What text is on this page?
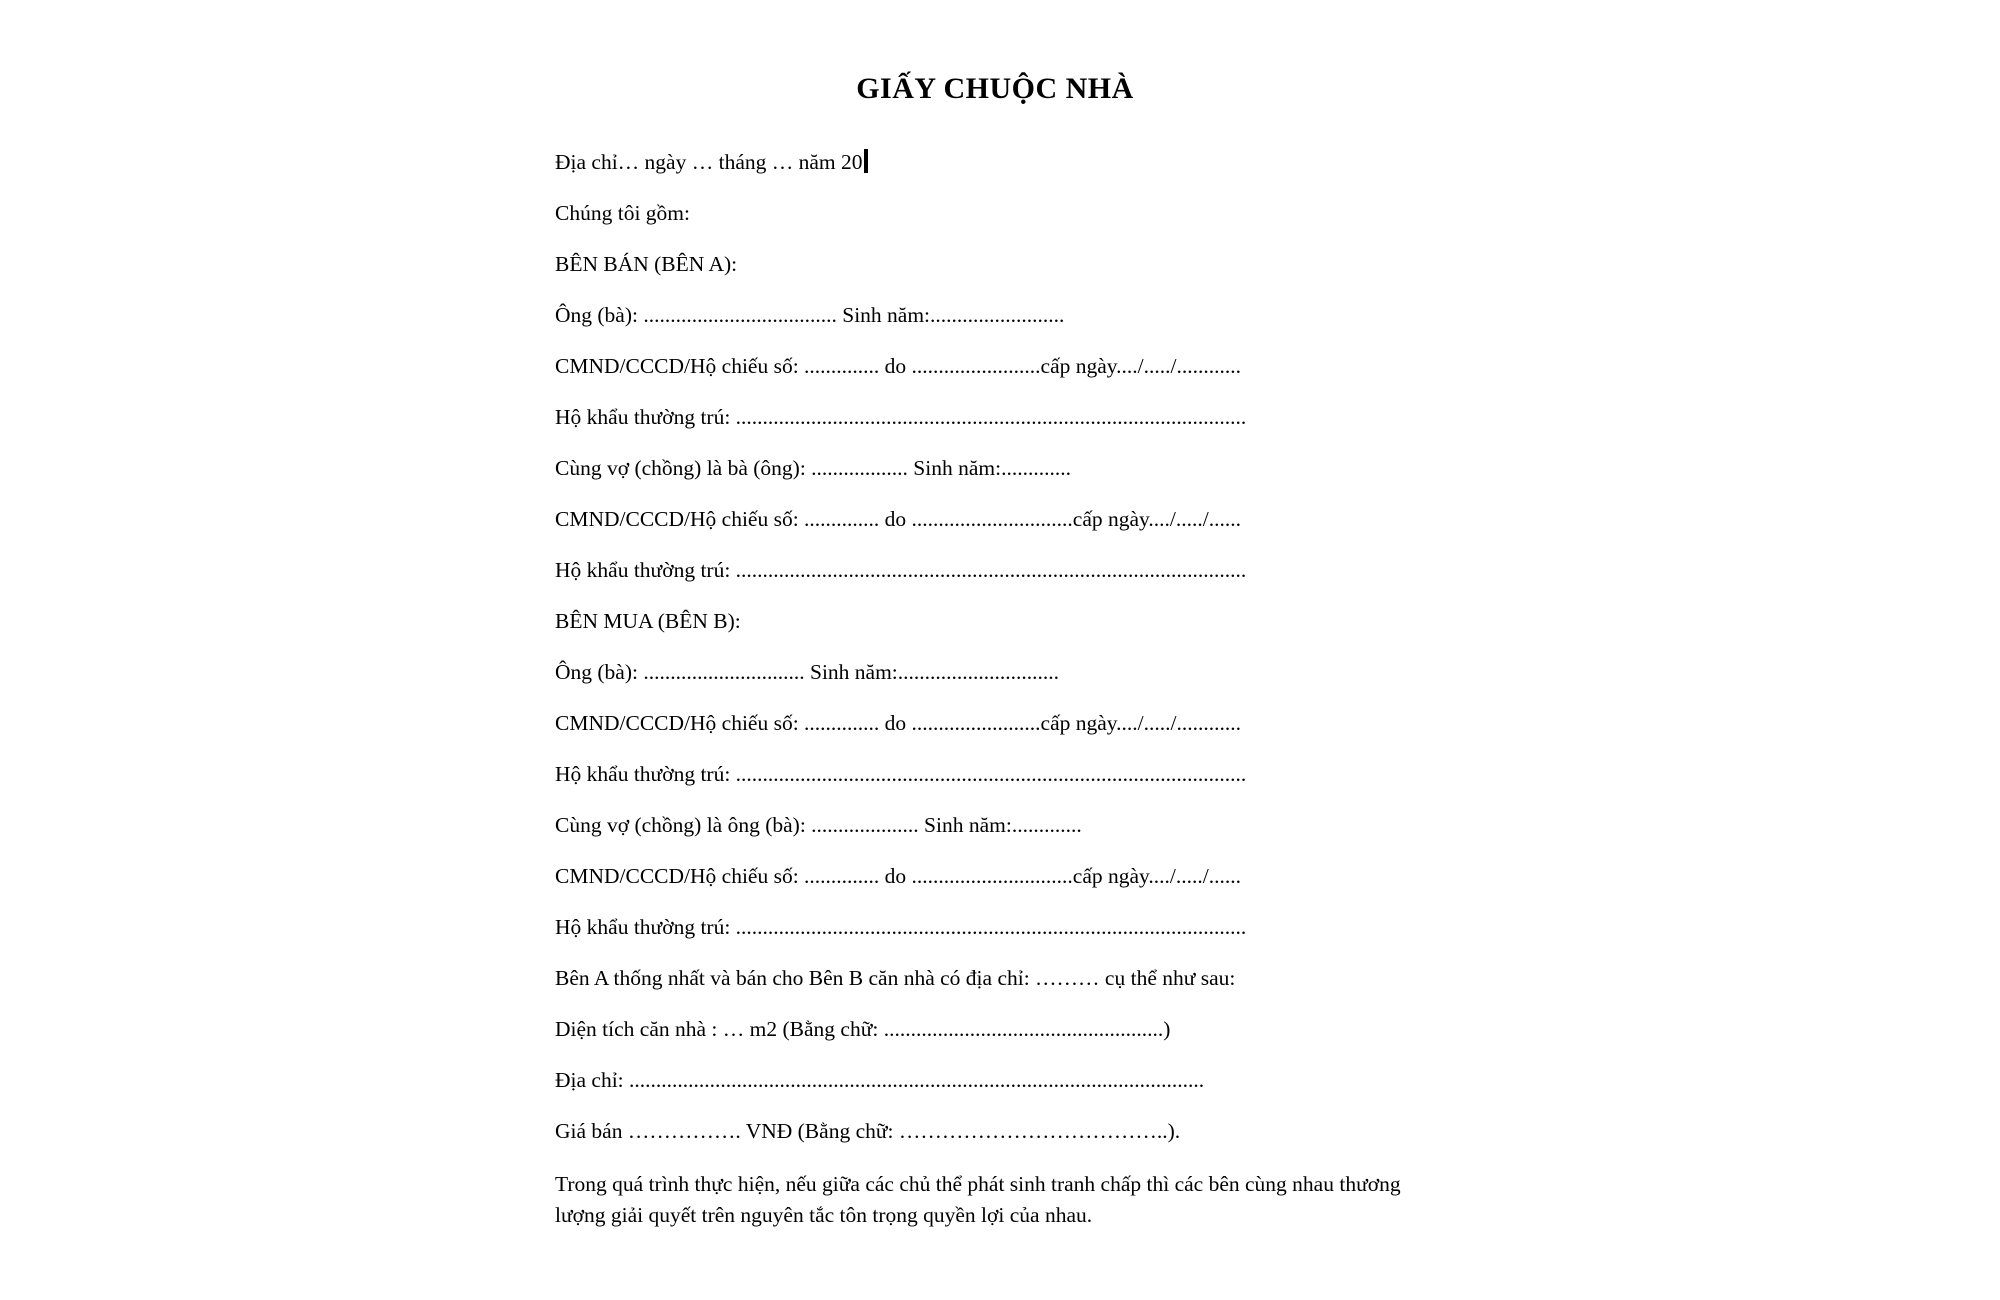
GIẤY CHUỘC NHÀ

Địa chỉ… ngày … tháng … năm 20

Chúng tôi gồm:

BÊN BÁN (BÊN A):

Ông (bà): .................................... Sinh năm:.........................

CMND/CCCD/Hộ chiếu số: .............. do ........................cấp ngày..../...../............

Hộ khẩu thường trú: ...............................................................................................

Cùng vợ (chồng) là bà (ông): .................. Sinh năm:.............

CMND/CCCD/Hộ chiếu số: .............. do ..............................cấp ngày..../...../......

Hộ khẩu thường trú: ...............................................................................................

BÊN MUA (BÊN B):

Ông (bà): .............................. Sinh năm:..............................

CMND/CCCD/Hộ chiếu số: .............. do ........................cấp ngày..../...../............

Hộ khẩu thường trú: ...............................................................................................

Cùng vợ (chồng) là ông (bà): .................... Sinh năm:.............

CMND/CCCD/Hộ chiếu số: .............. do ..............................cấp ngày..../...../......

Hộ khẩu thường trú: ...............................................................................................

Bên A thống nhất và bán cho Bên B căn nhà có địa chỉ: ……… cụ thể như sau:

Diện tích căn nhà : … m2 (Bằng chữ: ....................................................)

Địa chỉ: ...........................................................................................................

Giá bán ……………. VNĐ (Bằng chữ: ………………………………..).

Trong quá trình thực hiện, nếu giữa các chủ thể phát sinh tranh chấp thì các bên cùng nhau thương lượng giải quyết trên nguyên tắc tôn trọng quyền lợi của nhau.
